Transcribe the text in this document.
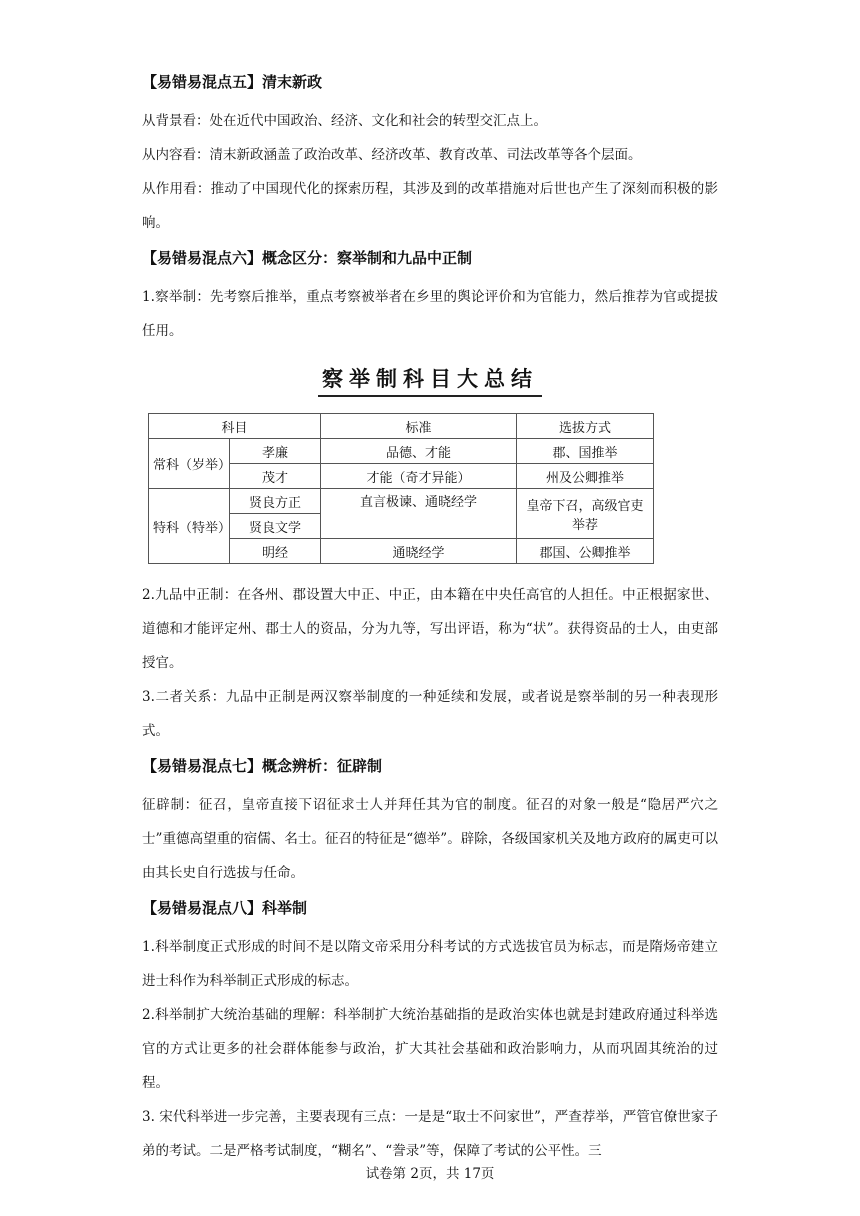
【易错易混点五】清末新政

从背景看：处在近代中国政治、经济、文化和社会的转型交汇点上。

从内容看：清末新政涵盖了政治改革、经济改革、教育改革、司法改革等各个层面。

从作用看：推动了中国现代化的探索历程，其涉及到的改革措施对后世也产生了深刻而积极的影响。

【易错易混点六】概念区分：察举制和九品中正制

1.察举制：先考察后推举，重点考察被举者在乡里的舆论评价和为官能力，然后推荐为官或提拔任用。

察举制科目大总结
科目		标准	选拔方式
常科（岁举）	孝廉	品德、才能	郡、国推举
	茂才	才能（奇才异能）	州及公卿推举
特科（特举）	贤良方正	直言极谏、通晓经学	皇帝下召，高级官吏举荐
	贤良文学		
	明经	通晓经学	郡国、公卿推举

2.九品中正制：在各州、郡设置大中正、中正，由本籍在中央任高官的人担任。中正根据家世、道德和才能评定州、郡士人的资品，分为九等，写出评语，称为“状”。获得资品的士人，由吏部授官。

3.二者关系：九品中正制是两汉察举制度的一种延续和发展，或者说是察举制的另一种表现形式。

【易错易混点七】概念辨析：征辟制

征辟制：征召，皇帝直接下诏征求士人并拜任其为官的制度。征召的对象一般是“隐居严穴之士”重德高望重的宿儒、名士。征召的特征是“德举”。辟除，各级国家机关及地方政府的属吏可以由其长史自行选拔与任命。

【易错易混点八】科举制

1.科举制度正式形成的时间不是以隋文帝采用分科考试的方式选拔官员为标志，而是隋炀帝建立进士科作为科举制正式形成的标志。

2.科举制扩大统治基础的理解：科举制扩大统治基础指的是政治实体也就是封建政府通过科举选官的方式让更多的社会群体能参与政治，扩大其社会基础和政治影响力，从而巩固其统治的过程。

3. 宋代科举进一步完善，主要表现有三点：一是是“取士不问家世”，严查荐举，严管官僚世家子弟的考试。二是严格考试制度，“糊名”、“誊录”等，保障了考试的公平性。三

试卷第 2页，共 17页
